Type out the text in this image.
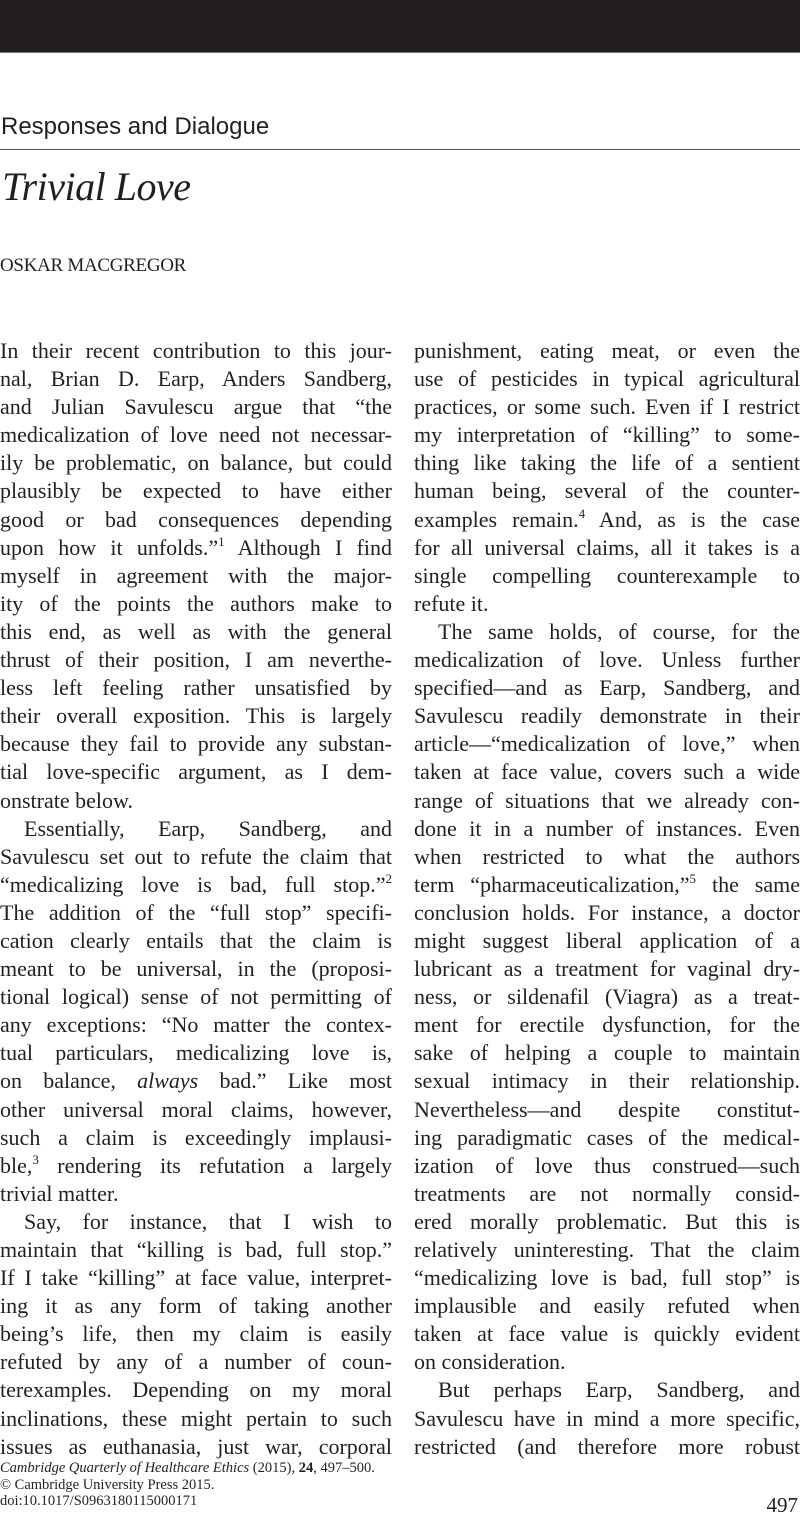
Responses and Dialogue
Trivial Love
OSKAR MACGREGOR
In their recent contribution to this jour-
nal, Brian D. Earp, Anders Sandberg,
and Julian Savulescu argue that “the
medicalization of love need not necessar-
ily be problematic, on balance, but could
plausibly be expected to have either
good or bad consequences depending
upon how it unfolds.”$^1$ Although I find
myself in agreement with the major-
ity of the points the authors make to
this end, as well as with the general
thrust of their position, I am neverthe-
less left feeling rather unsatisfied by
their overall exposition. This is largely
because they fail to provide any substan-
tial love-specific argument, as I dem-
onstrate below.
Essentially, Earp, Sandberg, and
Savulescu set out to refute the claim that
“medicalizing love is bad, full stop.”$^2$
The addition of the “full stop” specifi-
cation clearly entails that the claim is
meant to be universal, in the (proposi-
tional logical) sense of not permitting of
any exceptions: “No matter the contex-
tual particulars, medicalizing love is,
on balance, always bad.” Like most
other universal moral claims, however,
such a claim is exceedingly implausi-
ble,$^3$ rendering its refutation a largely
trivial matter.
Say, for instance, that I wish to
maintain that “killing is bad, full stop.”
If I take “killing” at face value, interpret-
ing it as any form of taking another
being’s life, then my claim is easily
refuted by any of a number of coun-
terexamples. Depending on my moral
inclinations, these might pertain to such
issues as euthanasia, just war, corporal
punishment, eating meat, or even the
use of pesticides in typical agricultural
practices, or some such. Even if I restrict
my interpretation of “killing” to some-
thing like taking the life of a sentient
human being, several of the counter-
examples remain.$^4$ And, as is the case
for all universal claims, all it takes is a
single compelling counterexample to
refute it.
The same holds, of course, for the
medicalization of love. Unless further
specified—and as Earp, Sandberg, and
Savulescu readily demonstrate in their
article—“medicalization of love,” when
taken at face value, covers such a wide
range of situations that we already con-
done it in a number of instances. Even
when restricted to what the authors
term “pharmaceuticalization,”$^5$ the same
conclusion holds. For instance, a doctor
might suggest liberal application of a
lubricant as a treatment for vaginal dry-
ness, or sildenafil (Viagra) as a treat-
ment for erectile dysfunction, for the
sake of helping a couple to maintain
sexual intimacy in their relationship.
Nevertheless—and despite constitut-
ing paradigmatic cases of the medical-
ization of love thus construed—such
treatments are not normally consid-
ered morally problematic. But this is
relatively uninteresting. That the claim
“medicalizing love is bad, full stop” is
implausible and easily refuted when
taken at face value is quickly evident
on consideration.
But perhaps Earp, Sandberg, and
Savulescu have in mind a more specific,
restricted (and therefore more robust
Cambridge Quarterly of Healthcare Ethics (2015), 24, 497–500.
© Cambridge University Press 2015.
doi:10.1017/S0963180115000171	497
